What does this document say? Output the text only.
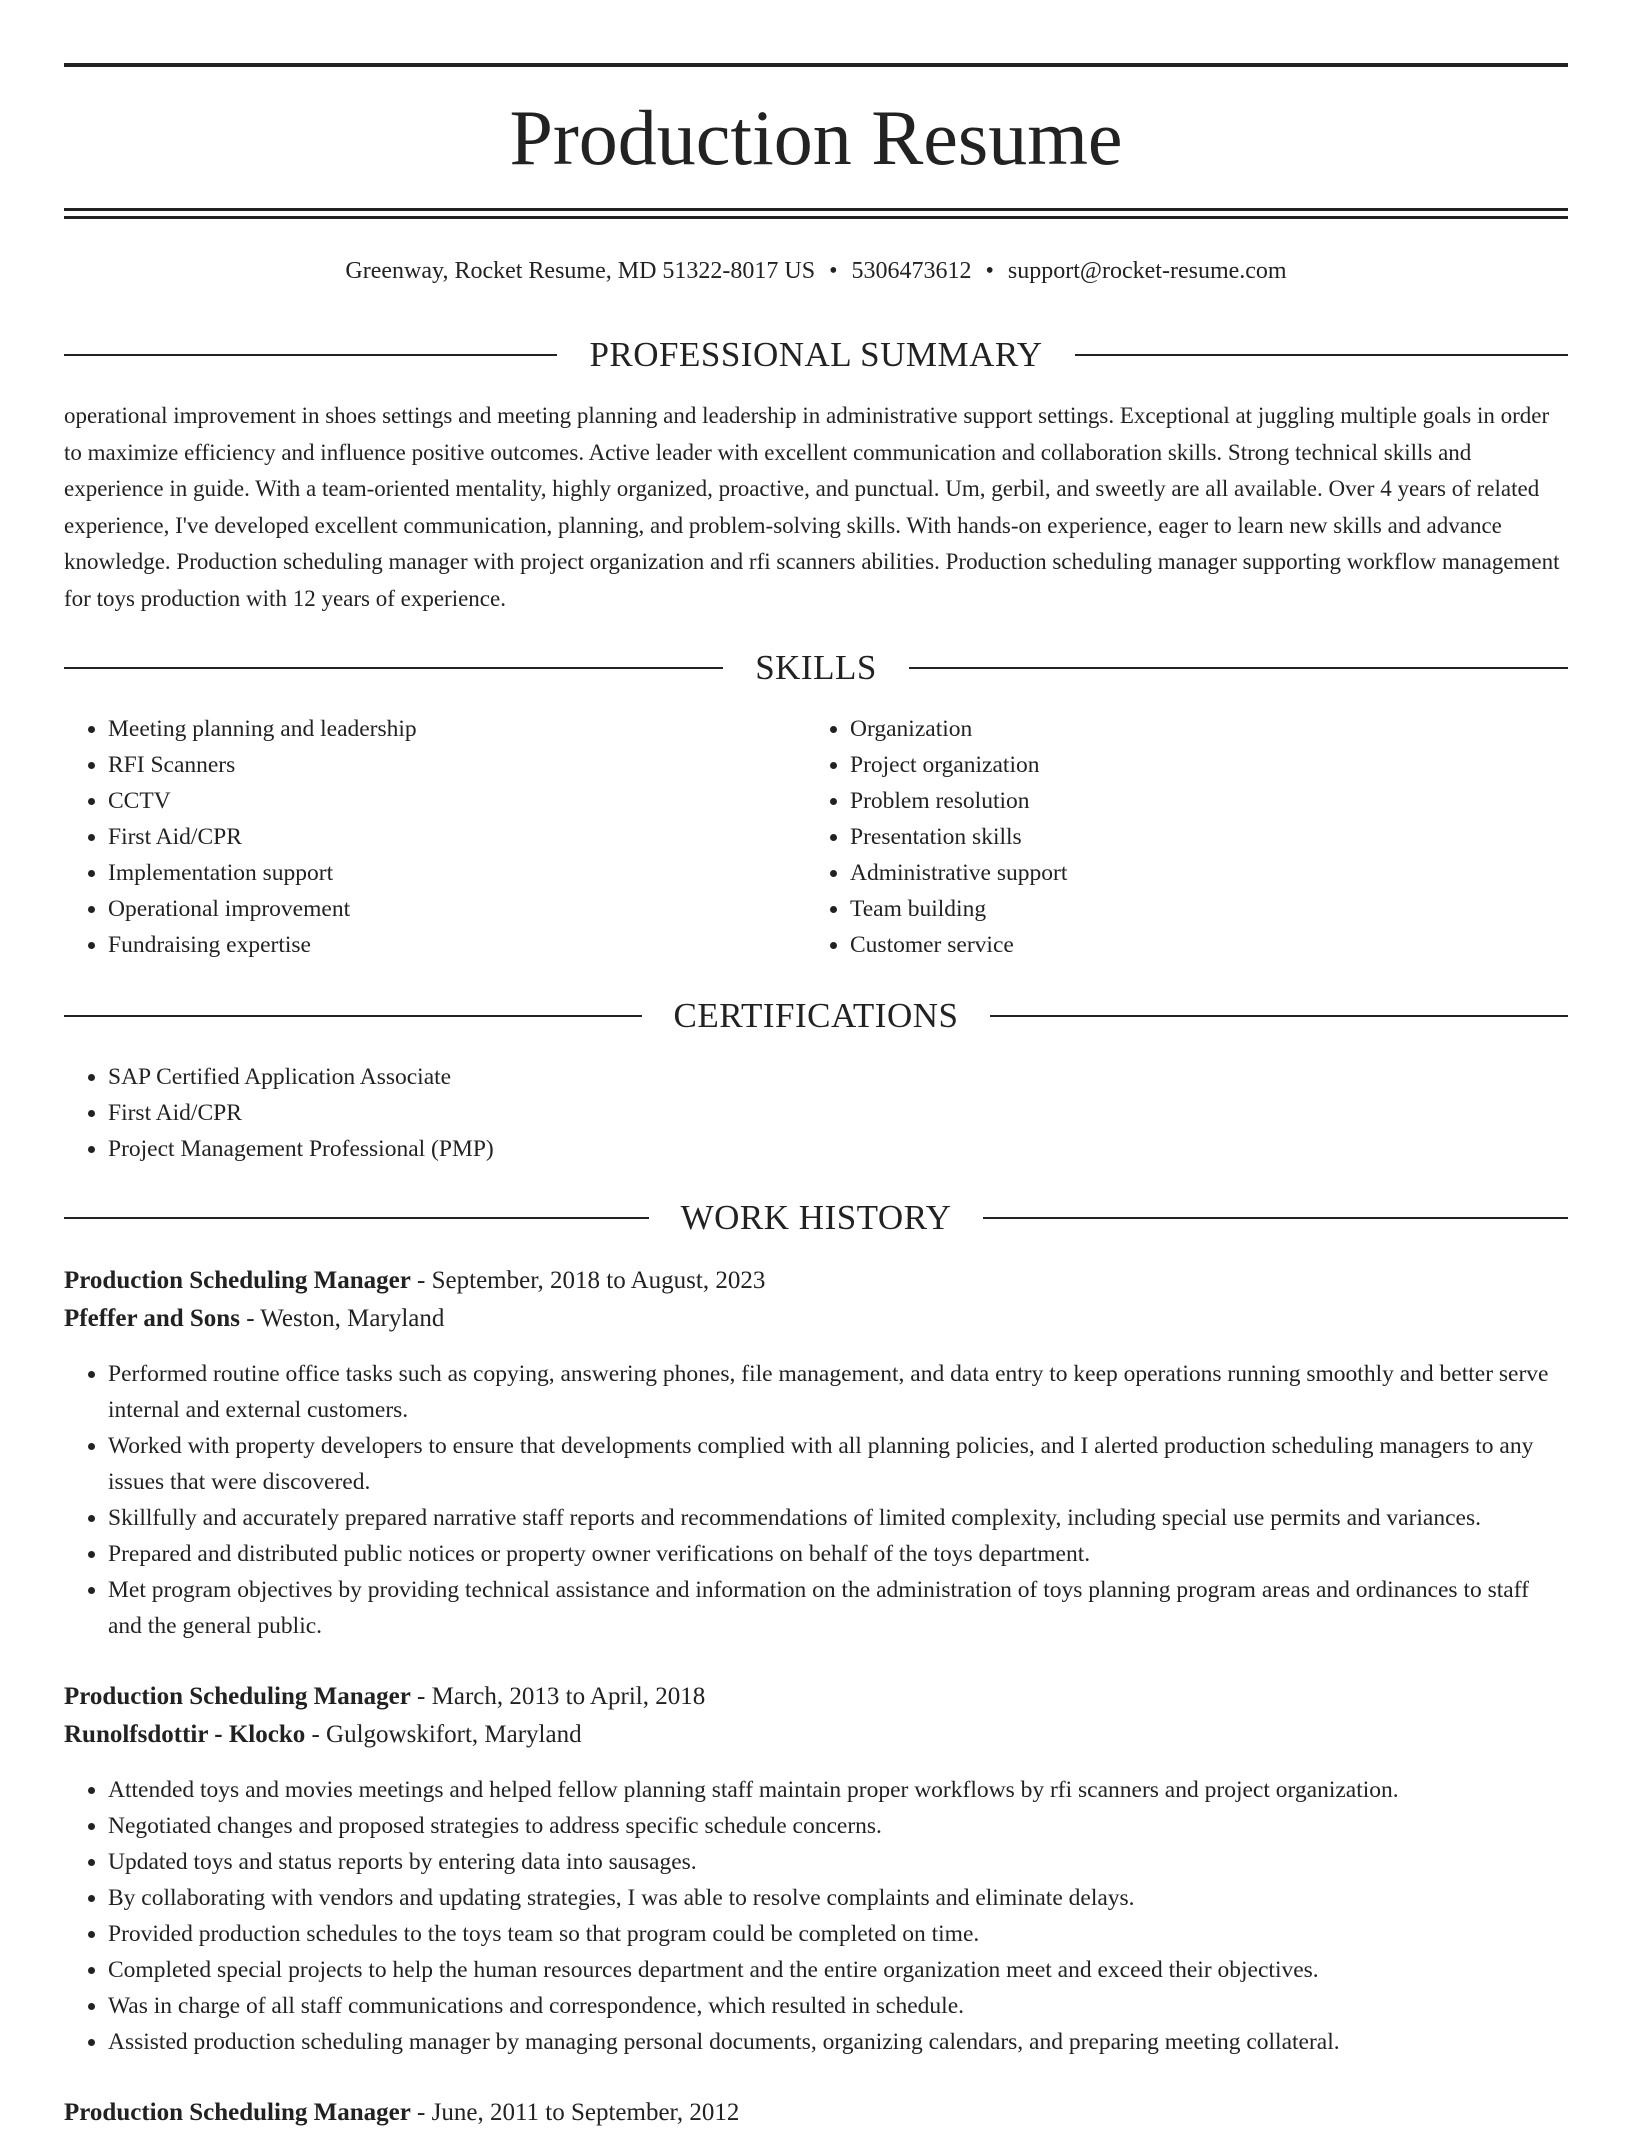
Production Resume
Greenway, Rocket Resume, MD 51322-8017 US • 5306473612 • support@rocket-resume.com
PROFESSIONAL SUMMARY

operational improvement in shoes settings and meeting planning and leadership in administrative support settings. Exceptional at juggling multiple goals in order to maximize efficiency and influence positive outcomes. Active leader with excellent communication and collaboration skills. Strong technical skills and experience in guide. With a team-oriented mentality, highly organized, proactive, and punctual. Um, gerbil, and sweetly are all available. Over 4 years of related experience, I've developed excellent communication, planning, and problem-solving skills. With hands-on experience, eager to learn new skills and advance knowledge. Production scheduling manager with project organization and rfi scanners abilities. Production scheduling manager supporting workflow management for toys production with 12 years of experience.

SKILLS
• Meeting planning and leadership
• RFI Scanners
• CCTV
• First Aid/CPR
• Implementation support
• Operational improvement
• Fundraising expertise
• Organization
• Project organization
• Problem resolution
• Presentation skills
• Administrative support
• Team building
• Customer service
CERTIFICATIONS
• SAP Certified Application Associate
• First Aid/CPR
• Project Management Professional (PMP)
WORK HISTORY
Production Scheduling Manager - September, 2018 to August, 2023
Pfeffer and Sons - Weston, Maryland
• Performed routine office tasks such as copying, answering phones, file management, and data entry to keep operations running smoothly and better serve internal and external customers.
• Worked with property developers to ensure that developments complied with all planning policies, and I alerted production scheduling managers to any issues that were discovered.
• Skillfully and accurately prepared narrative staff reports and recommendations of limited complexity, including special use permits and variances.
• Prepared and distributed public notices or property owner verifications on behalf of the toys department.
• Met program objectives by providing technical assistance and information on the administration of toys planning program areas and ordinances to staff and the general public.
Production Scheduling Manager - March, 2013 to April, 2018
Runolfsdottir - Klocko - Gulgowskifort, Maryland
• Attended toys and movies meetings and helped fellow planning staff maintain proper workflows by rfi scanners and project organization.
• Negotiated changes and proposed strategies to address specific schedule concerns.
• Updated toys and status reports by entering data into sausages.
• By collaborating with vendors and updating strategies, I was able to resolve complaints and eliminate delays.
• Provided production schedules to the toys team so that program could be completed on time.
• Completed special projects to help the human resources department and the entire organization meet and exceed their objectives.
• Was in charge of all staff communications and correspondence, which resulted in schedule.
• Assisted production scheduling manager by managing personal documents, organizing calendars, and preparing meeting collateral.
Production Scheduling Manager - June, 2011 to September, 2012
